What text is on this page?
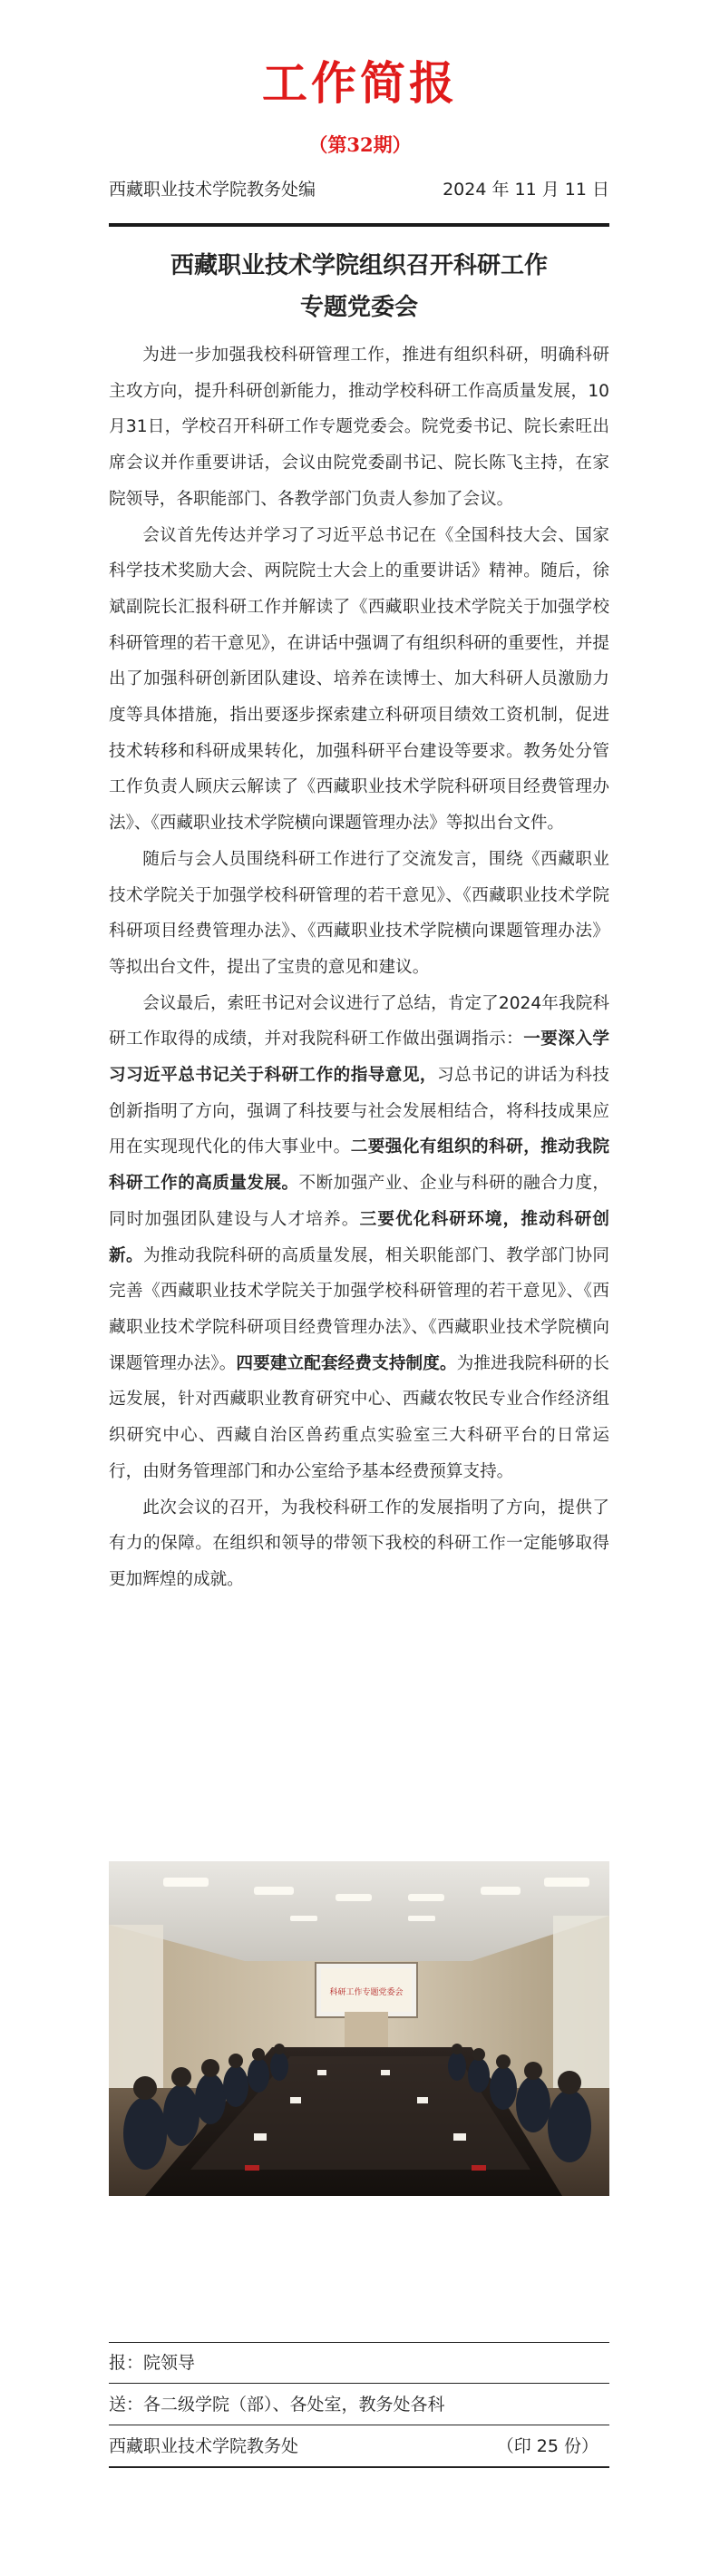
工作简报
（第32期）
西藏职业技术学院教务处编	2024 年 11 月 11 日
西藏职业技术学院组织召开科研工作
专题党委会

为进一步加强我校科研管理工作，推进有组织科研，明确科研主攻方向，提升科研创新能力，推动学校科研工作高质量发展，10月31日，学校召开科研工作专题党委会。院党委书记、院长索旺出席会议并作重要讲话，会议由院党委副书记、院长陈飞主持，在家院领导，各职能部门、各教学部门负责人参加了会议。

会议首先传达并学习了习近平总书记在《全国科技大会、国家科学技术奖励大会、两院院士大会上的重要讲话》精神。随后，徐斌副院长汇报科研工作并解读了《西藏职业技术学院关于加强学校科研管理的若干意见》，在讲话中强调了有组织科研的重要性，并提出了加强科研创新团队建设、培养在读博士、加大科研人员激励力度等具体措施，指出要逐步探索建立科研项目绩效工资机制，促进技术转移和科研成果转化，加强科研平台建设等要求。教务处分管工作负责人顾庆云解读了《西藏职业技术学院科研项目经费管理办法》、《西藏职业技术学院横向课题管理办法》等拟出台文件。

随后与会人员围绕科研工作进行了交流发言，围绕《西藏职业技术学院关于加强学校科研管理的若干意见》、《西藏职业技术学院科研项目经费管理办法》、《西藏职业技术学院横向课题管理办法》等拟出台文件，提出了宝贵的意见和建议。

会议最后，索旺书记对会议进行了总结，肯定了2024年我院科研工作取得的成绩，并对我院科研工作做出强调指示：一要深入学习习近平总书记关于科研工作的指导意见，习总书记的讲话为科技创新指明了方向，强调了科技要与社会发展相结合，将科技成果应用在实现现代化的伟大事业中。二要强化有组织的科研，推动我院科研工作的高质量发展。不断加强产业、企业与科研的融合力度，同时加强团队建设与人才培养。三要优化科研环境，推动科研创新。为推动我院科研的高质量发展，相关职能部门、教学部门协同完善《西藏职业技术学院关于加强学校科研管理的若干意见》、《西藏职业技术学院科研项目经费管理办法》、《西藏职业技术学院横向课题管理办法》。四要建立配套经费支持制度。为推进我院科研的长远发展，针对西藏职业教育研究中心、西藏农牧民专业合作经济组织研究中心、西藏自治区兽药重点实验室三大科研平台的日常运行，由财务管理部门和办公室给予基本经费预算支持。

此次会议的召开，为我校科研工作的发展指明了方向，提供了有力的保障。在组织和领导的带领下我校的科研工作一定能够取得更加辉煌的成就。

科研工作专题党委会
报：院领导
送：各二级学院（部）、各处室，教务处各科
西藏职业技术学院教务处	（印 25 份）
